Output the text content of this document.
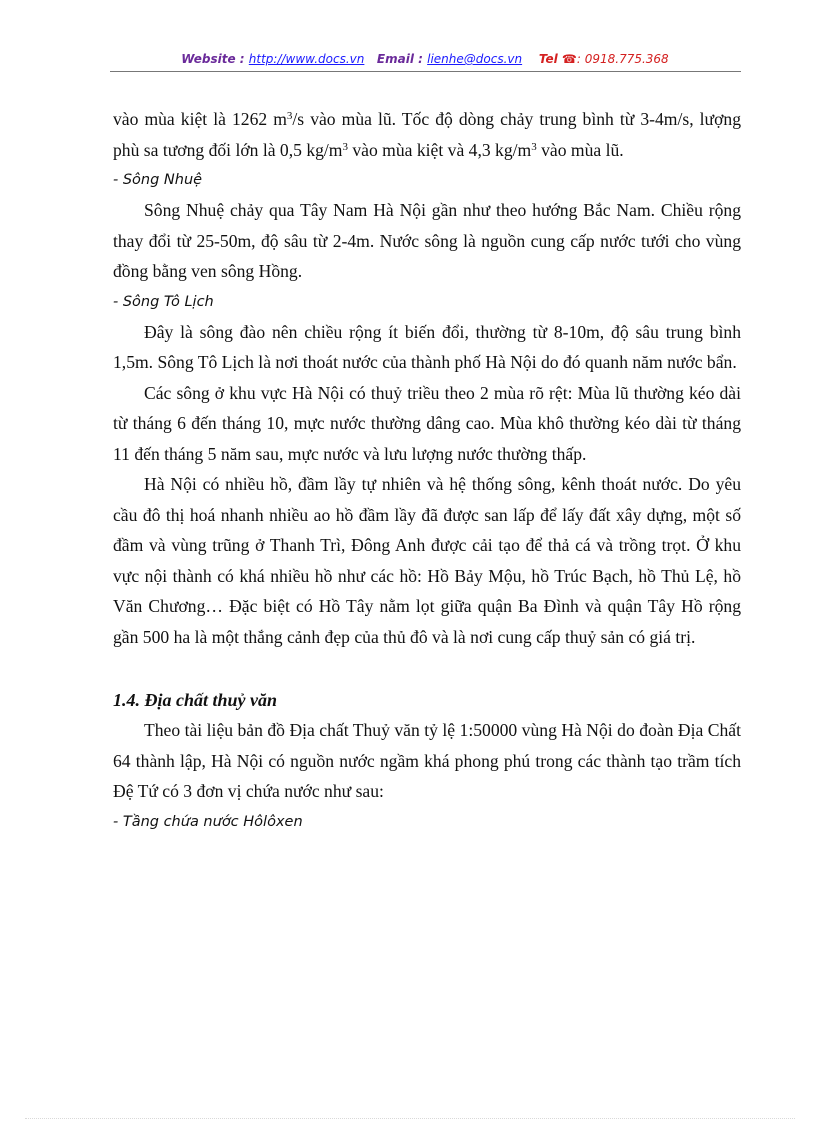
Website : http://www.docs.vn Email : lienhe@docs.vn Tel ☎: 0918.775.368

vào mùa kiệt là 1262 $m^3/s$ vào mùa lũ. Tốc độ dòng chảy trung bình từ 3-4m/s, lượng phù sa tương đối lớn là 0,5 $kg/m^3$ vào mùa kiệt và 4,3 $kg/m^3$ vào mùa lũ.

- Sông Nhuệ

Sông Nhuệ chảy qua Tây Nam Hà Nội gần như theo hướng Bắc Nam. Chiều rộng thay đổi từ 25-50m, độ sâu từ 2-4m. Nước sông là nguồn cung cấp nước tưới cho vùng đồng bằng ven sông Hồng.

- Sông Tô Lịch

Đây là sông đào nên chiều rộng ít biến đổi, thường từ 8-10m, độ sâu trung bình 1,5m. Sông Tô Lịch là nơi thoát nước của thành phố Hà Nội do đó quanh năm nước bẩn.

Các sông ở khu vực Hà Nội có thuỷ triều theo 2 mùa rõ rệt: Mùa lũ thường kéo dài từ tháng 6 đến tháng 10, mực nước thường dâng cao. Mùa khô thường kéo dài từ tháng 11 đến tháng 5 năm sau, mực nước và lưu lượng nước thường thấp.

Hà Nội có nhiều hồ, đầm lầy tự nhiên và hệ thống sông, kênh thoát nước. Do yêu cầu đô thị hoá nhanh nhiều ao hồ đầm lầy đã được san lấp để lấy đất xây dựng, một số đầm và vùng trũng ở Thanh Trì, Đông Anh được cải tạo để thả cá và trồng trọt. Ở khu vực nội thành có khá nhiều hồ như các hồ: Hồ Bảy Mộu, hồ Trúc Bạch, hồ Thủ Lệ, hồ Văn Chương… Đặc biệt có Hồ Tây nằm lọt giữa quận Ba Đình và quận Tây Hồ rộng gần 500 ha là một thắng cảnh đẹp của thủ đô và là nơi cung cấp thuỷ sản có giá trị.

1.4. Địa chất thuỷ văn

Theo tài liệu bản đồ Địa chất Thuỷ văn tỷ lệ 1:50000 vùng Hà Nội do đoàn Địa Chất 64 thành lập, Hà Nội có nguồn nước ngầm khá phong phú trong các thành tạo trầm tích Đệ Tứ có 3 đơn vị chứa nước như sau:

- Tầng chứa nước Hôlôxen
